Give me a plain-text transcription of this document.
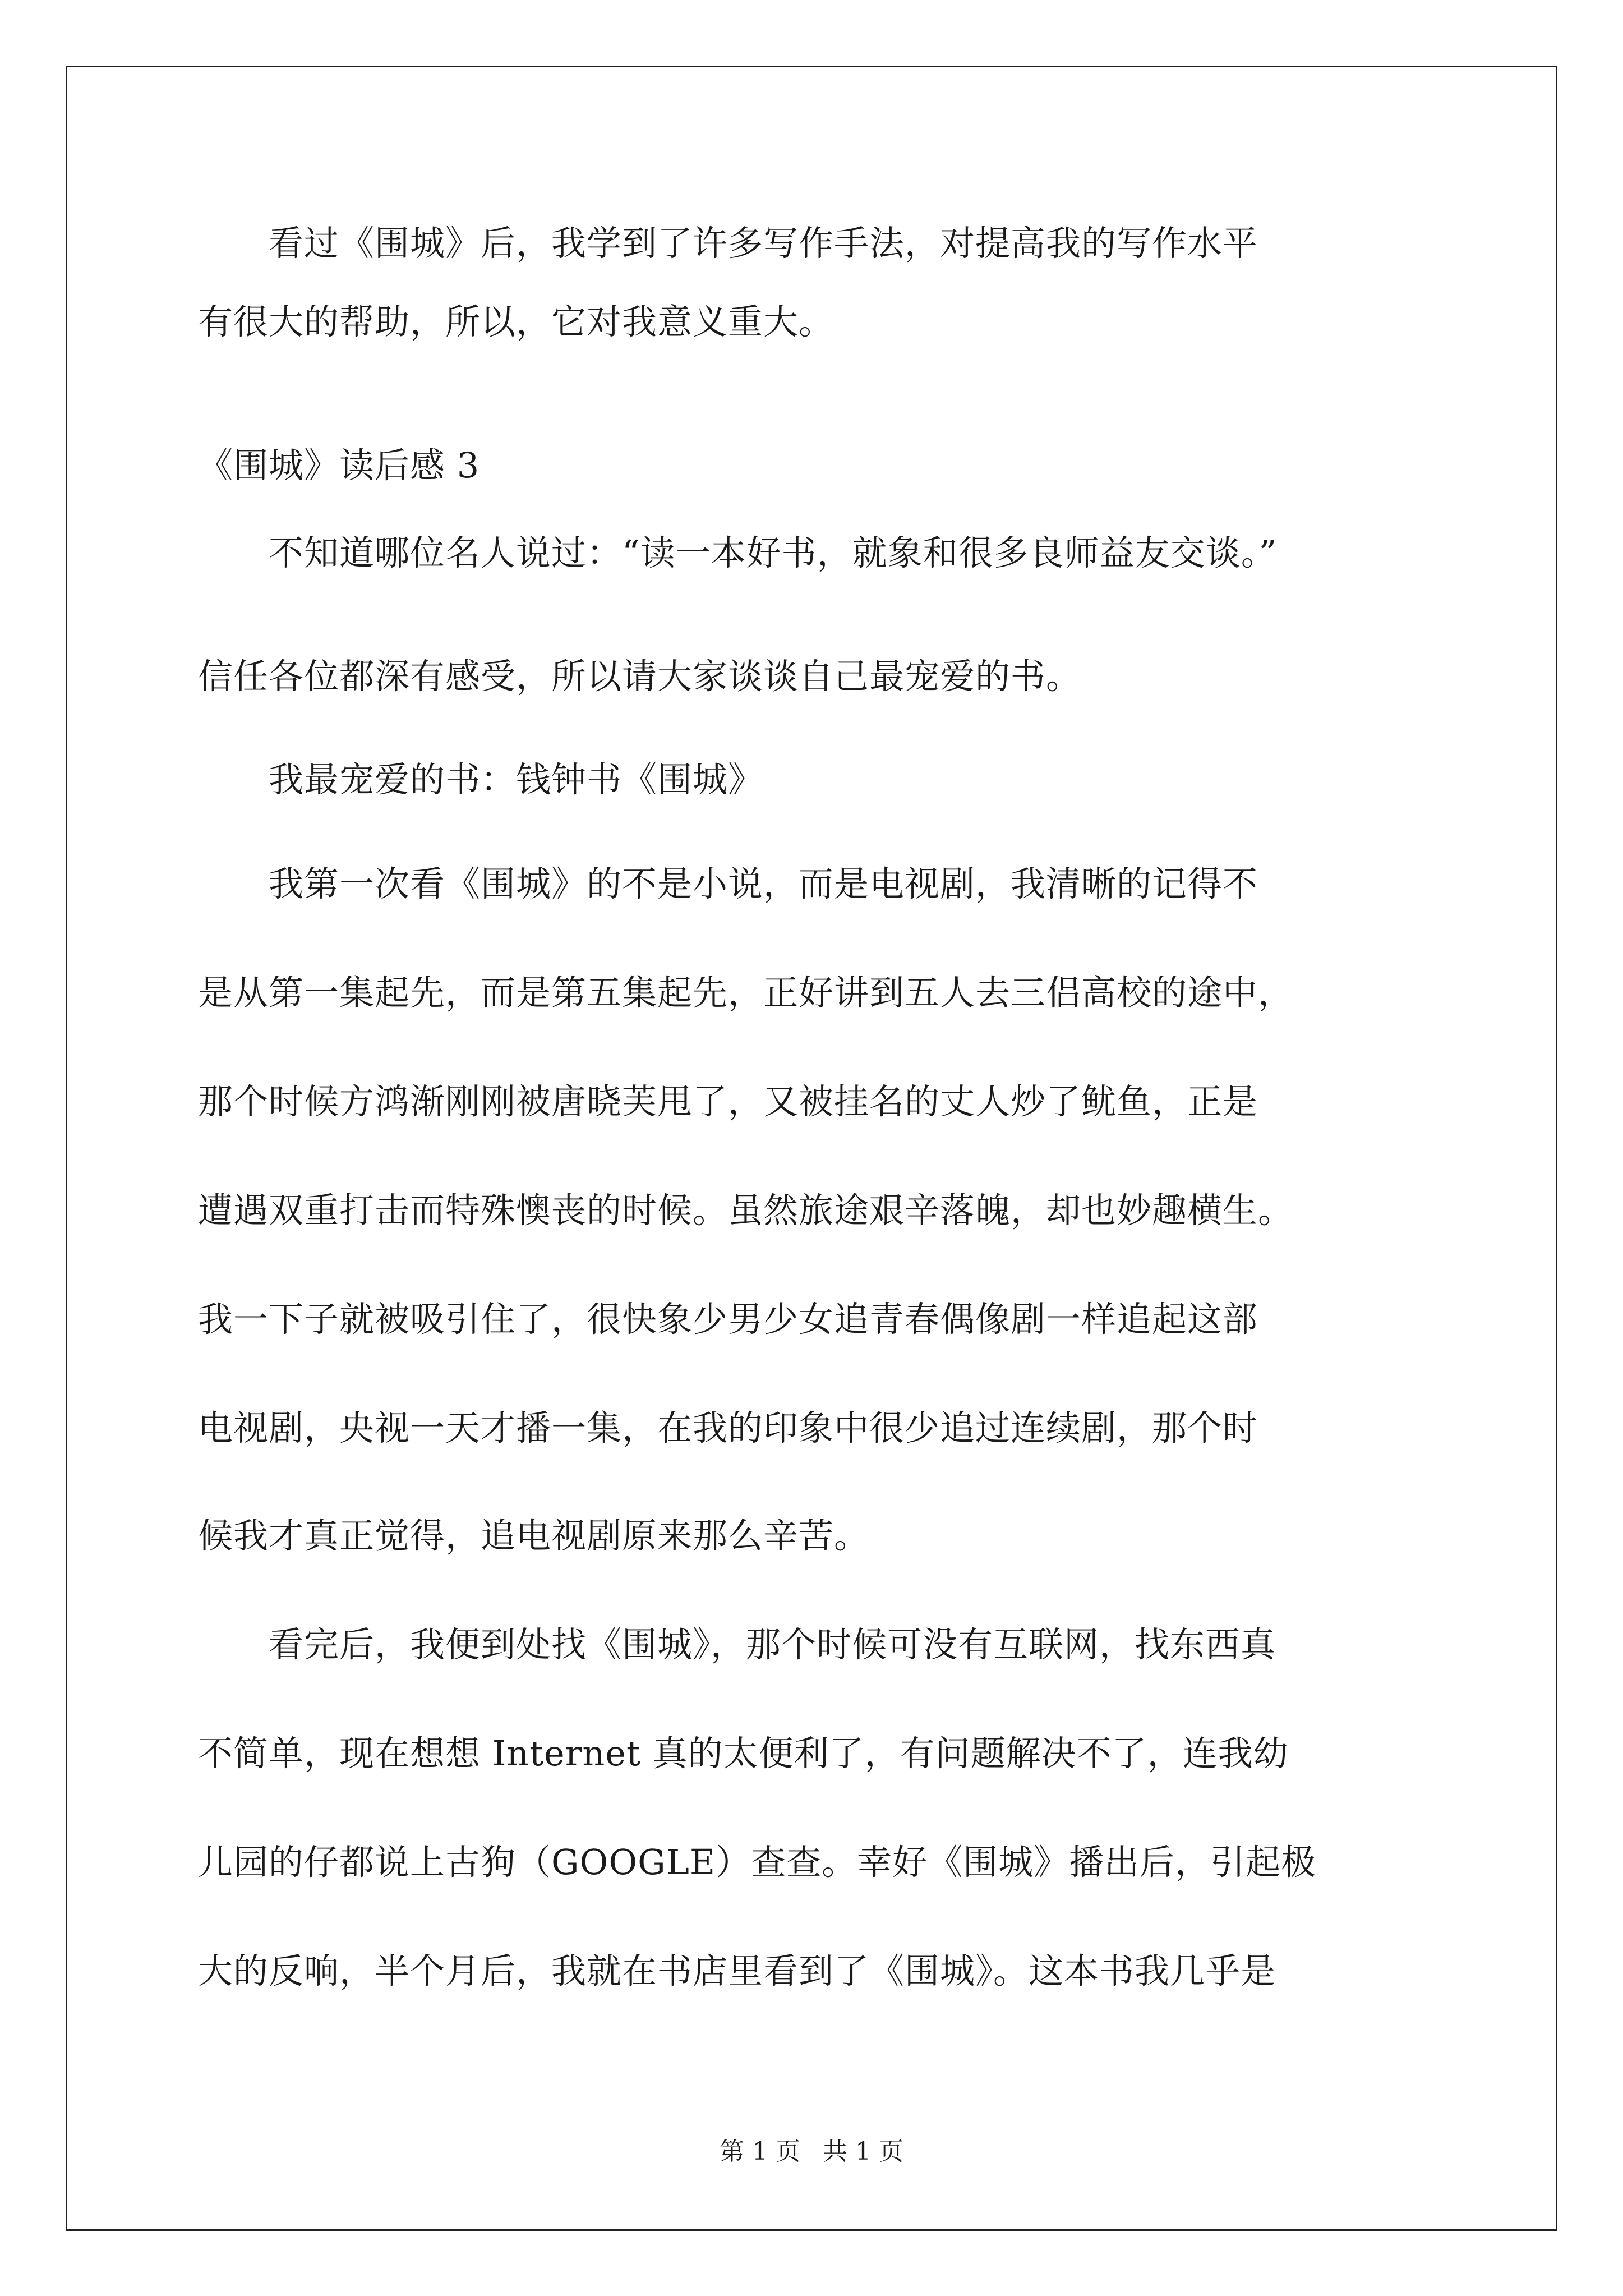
　　看过《围城》后，我学到了许多写作手法，对提高我的写作水平
有很大的帮助，所以，它对我意义重大。
《围城》读后感 3
　　不知道哪位名人说过：“读一本好书，就象和很多良师益友交谈。”
信任各位都深有感受，所以请大家谈谈自己最宠爱的书。
　　我最宠爱的书：钱钟书《围城》
　　我第一次看《围城》的不是小说，而是电视剧，我清晰的记得不
是从第一集起先，而是第五集起先，正好讲到五人去三侣高校的途中，
那个时候方鸿渐刚刚被唐晓芙甩了，又被挂名的丈人炒了鱿鱼，正是
遭遇双重打击而特殊懊丧的时候。虽然旅途艰辛落魄，却也妙趣横生。
我一下子就被吸引住了，很快象少男少女追青春偶像剧一样追起这部
电视剧，央视一天才播一集，在我的印象中很少追过连续剧，那个时
候我才真正觉得，追电视剧原来那么辛苦。
　　看完后，我便到处找《围城》，那个时候可没有互联网，找东西真
不简单，现在想想 Internet 真的太便利了，有问题解决不了，连我幼
儿园的仔都说上古狗（GOOGLE）查查。幸好《围城》播出后，引起极
大的反响，半个月后，我就在书店里看到了《围城》。这本书我几乎是
第 1 页 共 1 页
